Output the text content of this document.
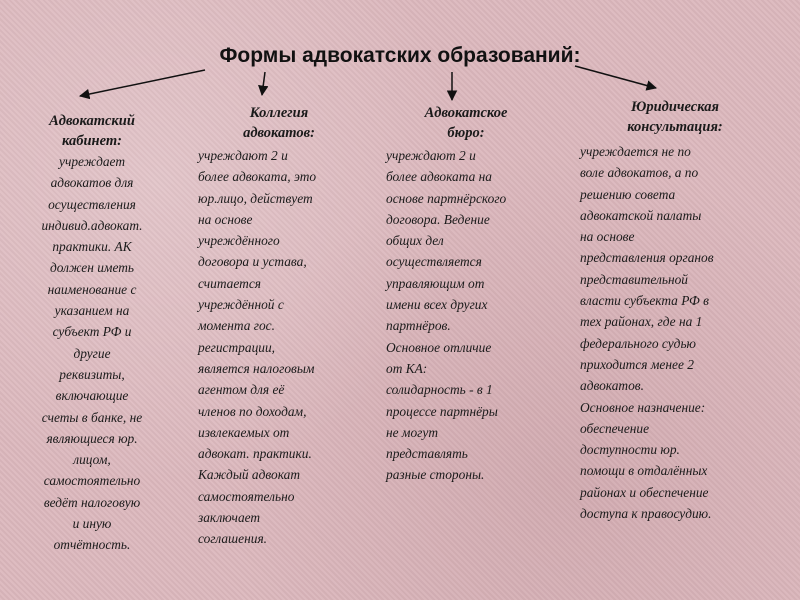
Формы адвокатских образований:
Адвокатский
кабинет:
учреждает
адвокатов для
осуществления
индивид.адвокат.
практики. АК
должен иметь
наименование с
указанием на
субъект РФ и
другие
реквизиты,
включающие
счеты в банке, не
являющиеся юр.
лицом,
самостоятельно
ведёт налоговую
и иную
отчётность.
Коллегия
адвокатов:
учреждают 2 и
более адвоката, это
юр.лицо, действует
на основе
учреждённого
договора и устава,
считается
учреждённой с
момента гос.
регистрации,
является налоговым
агентом для её
членов по доходам,
извлекаемых от
адвокат. практики.
Каждый адвокат
самостоятельно
заключает
соглашения.
Адвокатское
бюро:
учреждают 2 и
более адвоката на
основе партнёрского
договора. Ведение
общих дел
осуществляется
управляющим от
имени всех других
партнёров.
Основное отличие
от КА:
солидарность - в 1
процессе партнёры
не могут
представлять
разные стороны.
Юридическая
консультация:
учреждается не по
воле адвокатов, а по
решению совета
адвокатской палаты
на основе
представления органов
представительной
власти субъекта РФ в
тех районах, где на 1
федерального судью
приходится менее 2
адвокатов.
Основное назначение:
обеспечение
доступности юр.
помощи в отдалённых
районах и обеспечение
доступа к правосудию.
